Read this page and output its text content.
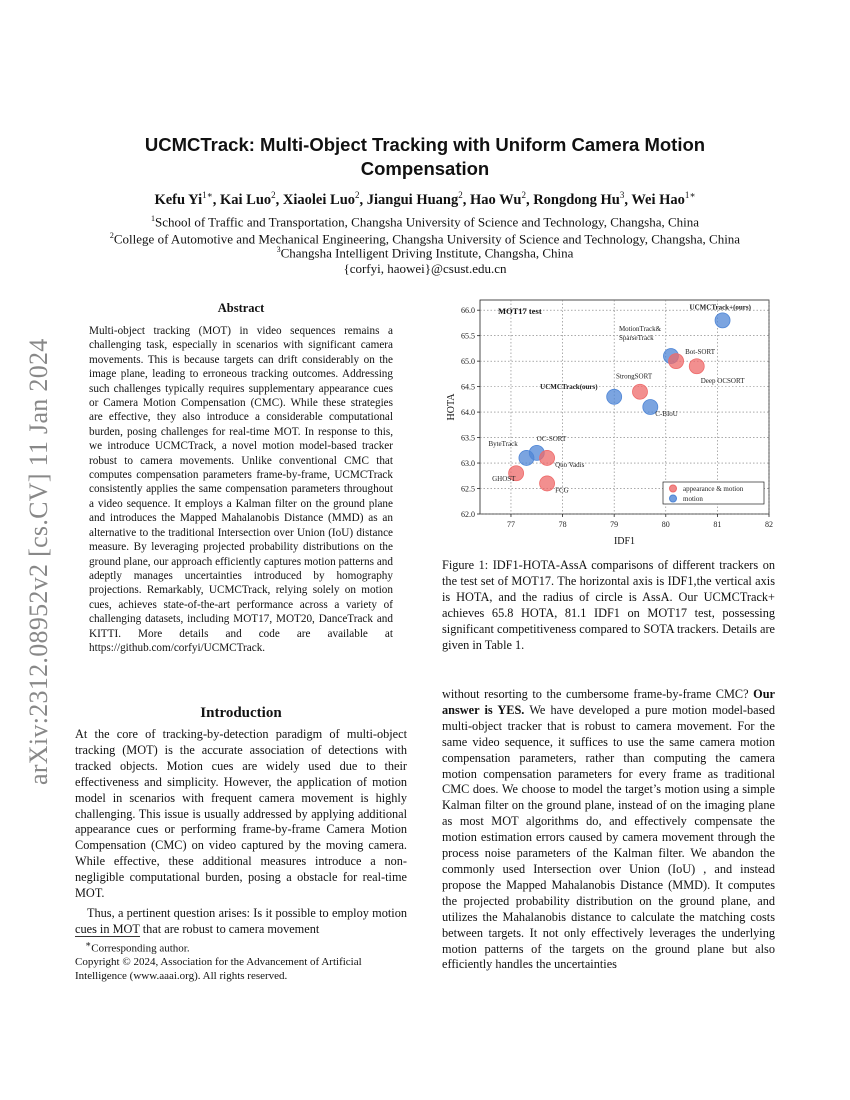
arXiv:2312.08952v2 [cs.CV] 11 Jan 2024
UCMCTrack: Multi-Object Tracking with Uniform Camera Motion
Compensation
Kefu $Yi^{1∗}$, Kai Luo$^2$, Xiaolei Luo$^2$, Jiangui Huang$^2$, Hao Wu$^2$, Rongdong Hu$^3$, Wei Hao$^{1∗}$
$^1$School of Traffic and Transportation, Changsha University of Science and Technology, Changsha, China
$^2$College of Automotive and Mechanical Engineering, Changsha University of Science and Technology, Changsha, China
$^3$Changsha Intelligent Driving Institute, Changsha, China
{corfyi, haowei}@csust.edu.cn
Abstract

Multi-object tracking (MOT) in video sequences remains a challenging task, especially in scenarios with significant camera movements. This is because targets can drift considerably on the image plane, leading to erroneous tracking outcomes. Addressing such challenges typically requires supplementary appearance cues or Camera Motion Compensation (CMC). While these strategies are effective, they also introduce a considerable computational burden, posing challenges for real-time MOT. In response to this, we introduce UCMCTrack, a novel motion model-based tracker robust to camera movements. Unlike conventional CMC that computes compensation parameters frame-by-frame, UCMCTrack consistently applies the same compensation parameters throughout a video sequence. It employs a Kalman filter on the ground plane and introduces the Mapped Mahalanobis Distance (MMD) as an alternative to the traditional Intersection over Union (IoU) distance measure. By leveraging projected probability distributions on the ground plane, our approach efficiently captures motion patterns and adeptly manages uncertainties introduced by homography projections. Remarkably, UCMCTrack, relying solely on motion cues, achieves state-of-the-art performance across a variety of challenging datasets, including MOT17, MOT20, DanceTrack and KITTI. More details and code are available at https://github.com/corfyi/UCMCTrack.

Introduction

At the core of tracking-by-detection paradigm of multi-object tracking (MOT) is the accurate association of detections with tracked objects. Motion cues are widely used due to their effectiveness and simplicity. However, the application of motion model in scenarios with frequent camera movement is highly challenging. This issue is usually addressed by applying additional appearance cues or performing frame-by-frame Camera Motion Compensation (CMC) on video captured by the moving camera. While effective, these additional measures introduce a non-negligible computational burden, posing a obstacle for real-time MOT.

Thus, a pertinent question arises: Is it possible to employ motion cues in MOT that are robust to camera movement

∗Corresponding author.
Copyright © 2024, Association for the Advancement of Artificial Intelligence (www.aaai.org). All rights reserved.
77	78	79	80	81	82
62.0
62.5
63.0
63.5
64.0
64.5
65.0
65.5
66.0
IDF1
HOTA
MOT17 test	UCMCTrack+(ours)
MotionTrack&
SparseTrack
Bot-SORT
Deep OCSORT
StrongSORT
UCMCTrack(ours)
C-BIoU
OC-SORT
ByteTrack
Quo Vadis
GHOST
FCG	appearance & motion
motion

Figure 1: IDF1-HOTA-AssA comparisons of different trackers on the test set of MOT17. The horizontal axis is IDF1,the vertical axis is HOTA, and the radius of circle is AssA. Our UCMCTrack+ achieves 65.8 HOTA, 81.1 IDF1 on MOT17 test, possessing significant competitiveness compared to SOTA trackers. Details are given in Table 1.

without resorting to the cumbersome frame-by-frame CMC? Our answer is YES. We have developed a pure motion model-based multi-object tracker that is robust to camera movement. For the same video sequence, it suffices to use the same camera motion compensation parameters, rather than computing the camera motion compensation parameters for every frame as traditional CMC does. We choose to model the target’s motion using a simple Kalman filter on the ground plane, instead of on the imaging plane as most MOT algorithms do, and effectively compensate the motion estimation errors caused by camera movement through the process noise parameters of the Kalman filter. We abandon the commonly used Intersection over Union (IoU) , and instead propose the Mapped Mahalanobis Distance (MMD). It computes the projected probability distribution on the ground plane, and utilizes the Mahalanobis distance to calculate the matching costs between targets. It not only effectively leverages the underlying motion patterns of the targets on the ground plane but also efficiently handles the uncertainties
